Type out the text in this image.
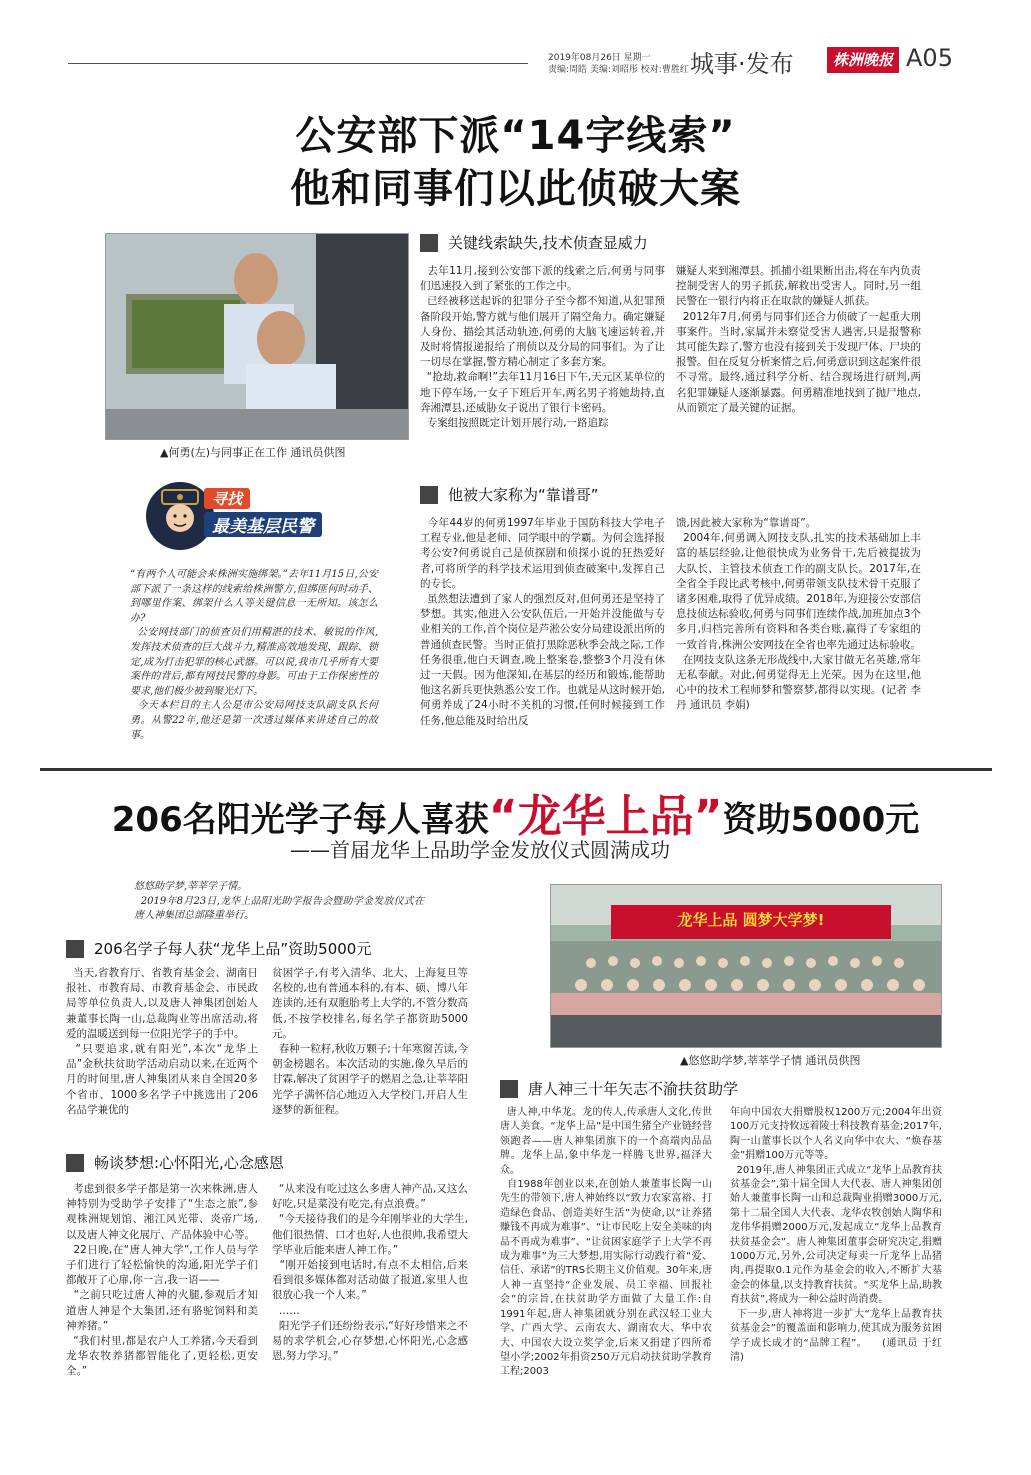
2019年08月26日 星期一
责编:周皓 美编:刘昭彤 校对:曹胜红 城事·发布	株洲晚报 A05
公安部下派“14字线索”
他和同事们以此侦破大案
▲何勇(左)与同事正在工作 通讯员供图
寻找
最美基层民警
“有两个人可能会来株洲实施绑架。”去年11月15日,公安部下派了一条这样的线索给株洲警方,但绑匪何时动手、到哪里作案、绑架什么人等关键信息一无所知。该怎么办?
公安网技部门的侦查员们用精湛的技术、敏锐的作风,发挥技术侦查的巨大战斗力,精准高效地发现、跟踪、锁定,成为打击犯罪的核心武器。可以说,我市几乎所有大要案件的背后,都有网技民警的身影。可由于工作保密性的要求,他们极少被到聚光灯下。
今天本栏目的主人公是市公安局网技支队副支队长何勇。从警22年,他还是第一次透过媒体来讲述自己的故事。
关键线索缺失,技术侦查显威力
去年11月,接到公安部下派的线索之后,何勇与同事们迅速投入到了紧张的工作之中。
已经被移送起诉的犯罪分子至今都不知道,从犯罪预备阶段开始,警方就与他们展开了隔空角力。确定嫌疑人身份、描绘其活动轨迹,何勇的大脑飞速运转着,并及时将情报递报给了刑侦以及分局的同事们。为了让一切尽在掌握,警方精心制定了多套方案。
“抢劫,救命啊!”去年11月16日下午,天元区某单位的地下停车场,一女子下班后开车,两名男子将她劫持,直奔湘潭县,还威胁女子说出了银行卡密码。
专案组按照既定计划开展行动,一路追踪
嫌疑人来到湘潭县。抓捕小组果断出击,将在车内负责控制受害人的男子抓获,解救出受害人。同时,另一组民警在一银行内将正在取款的嫌疑人抓获。
2012年7月,何勇与同事们还合力侦破了一起重大刑事案件。当时,家属并未察觉受害人遇害,只是报警称其可能失踪了,警方也没有接到关于发现尸体、尸块的报警。但在反复分析案情之后,何勇意识到这起案件很不寻常。最终,通过科学分析、结合现场进行研判,两名犯罪嫌疑人逐渐暴露。何勇精准地找到了抛尸地点,从而锁定了最关键的证据。
他被大家称为“靠谱哥”
今年44岁的何勇1997年毕业于国防科技大学电子工程专业,他是老师、同学眼中的学霸。为何会选择报考公安?何勇说自己是侦探剧和侦探小说的狂热爱好者,可将所学的科学技术运用到侦查破案中,发挥自己的专长。
虽然想法遭到了家人的强烈反对,但何勇还是坚持了梦想。其实,他进入公安队伍后,一开始并没能做与专业相关的工作,首个岗位是芦淞公安分局建设派出所的普通侦查民警。当时正值打黑除恶秋季会战之际,工作任务很重,他白天调查,晚上整案卷,整整3个月没有休过一天假。因为他深知,在基层的经历和锻炼,能帮助他这名新兵更快熟悉公安工作。也就是从这时候开始,何勇养成了24小时不关机的习惯,任何时候接到工作任务,他总能及时给出反
馈,因此被大家称为“靠谱哥”。
2004年,何勇调入网技支队,扎实的技术基础加上丰富的基层经验,让他很快成为业务骨干,先后被提拔为大队长、主管技术侦查工作的副支队长。2017年,在全省全手段比武考核中,何勇带领支队技术骨干克服了诸多困难,取得了优异成绩。2018年,为迎接公安部信息技侦达标验收,何勇与同事们连续作战,加班加点3个多月,归档完善所有资料和各类台账,赢得了专家组的一致首肯,株洲公安网技在全省也率先通过达标验收。
在网技支队这条无形战线中,大家甘做无名英雄,常年无私奉献。对此,何勇觉得无上光荣。因为在这里,他心中的技术工程师梦和警察梦,都得以实现。(记者 李丹 通讯员 李娟)
206名阳光学子每人喜获“龙华上品”资助5000元
——首届龙华上品助学金发放仪式圆满成功
悠悠助学梦,莘莘学子情。
2019年8月23日,龙华上品阳光助学报告会暨助学金发放仪式在唐人神集团总部隆重举行。	龙华上品 圆梦大学梦!
▲悠悠助学梦,莘莘学子情 通讯员供图
206名学子每人获“龙华上品”资助5000元
当天,省教育厅、省教育基金会、湖南日报社、市教育局、市教育基金会、市民政局等单位负责人,以及唐人神集团创始人兼董事长陶一山,总裁陶业等出席活动,将爱的温暖送到每一位阳光学子的手中。
“只要追求,就有阳光”,本次“龙华上品”金秋扶贫助学活动启动以来,在近两个月的时间里,唐人神集团从来自全国20多个省市、1000多名学子中挑选出了206名品学兼优的
贫困学子,有考入清华、北大、上海复旦等名校的,也有普通本科的,有本、硕、博八年连读的,还有双胞胎考上大学的,不管分数高低,不按学校排名,每名学子都资助5000元。
春种一粒籽,秋收万颗子;十年寒窗苦读,今朝金榜题名。本次活动的实施,像久旱后的甘霖,解决了贫困学子的燃眉之急,让莘莘阳光学子满怀信心地迈入大学校门,开启人生逐梦的新征程。
畅谈梦想:心怀阳光,心念感恩
考虑到很多学子都是第一次来株洲,唐人神特别为受助学子安排了“生态之旅”,参观株洲规划馆、湘江风光带、炎帝广场,以及唐人神文化展厅、产品体验中心等。
22日晚,在“唐人神大学”,工作人员与学子们进行了轻松愉快的沟通,阳光学子们都敞开了心扉,你一言,我一语——
“之前只吃过唐人神的火腿,参观后才知道唐人神是个大集团,还有骆驼饲料和美神养猪。”
“我们村里,都是农户人工养猪,今天看到龙华农牧养猪都智能化了,更轻松,更安全。”
“从来没有吃过这么多唐人神产品,又这么好吃,只是菜没有吃完,有点浪费。”
“今天接待我们的是今年刚毕业的大学生,他们很热情、口才也好,人也很帅,我希望大学毕业后能来唐人神工作。”
“刚开始接到电话时,有点不太相信,后来看到很多媒体都对活动做了报道,家里人也很放心我一个人来。”
……
阳光学子们还纷纷表示,“好好珍惜来之不易的求学机会,心存梦想,心怀阳光,心念感恩,努力学习。”
唐人神三十年矢志不渝扶贫助学
唐人神,中华龙。龙的传人,传承唐人文化,传世唐人美食。“龙华上品”是中国生猪全产业链经营领跑者——唐人神集团旗下的一个高端肉品品牌。龙华上品,象中华龙一样腾飞世界,福泽大众。
自1988年创业以来,在创始人兼董事长陶一山先生的带领下,唐人神始终以“致力农家富裕、打造绿色食品、创造美好生活”为使命,以“让养猪赚钱不再成为难事”、“让市民吃上安全美味的肉品不再成为难事”、“让贫困家庭学子上大学不再成为难事”为三大梦想,用实际行动践行着“爱、信任、承诺”的TRS长期主义价值观。30年来,唐人神一直坚持“企业发展、员工幸福、回报社会”的宗旨,在扶贫助学方面做了大量工作:自1991年起,唐人神集团就分别在武汉轻工业大学、广西大学、云南农大、湖南农大、华中农大、中国农大设立奖学金,后来又捐建了四所希望小学;2002年捐资250万元启动扶贫助学教育工程;2003
年向中国农大捐赠股权1200万元;2004年出资100万元支持攸远着陵士科技教育基金;2017年,陶一山董事长以个人名义向华中农大、“焕春基金”捐赠100万元等等。
2019年,唐人神集团正式成立“龙华上品教育扶贫基金会”,第十届全国人大代表、唐人神集团创始人兼董事长陶一山和总裁陶业捐赠3000万元,第十二届全国人大代表、龙华农牧创始人陶华和龙伟华捐赠2000万元,发起成立“龙华上品教育扶贫基金会”。唐人神集团董事会研究决定,捐赠1000万元,另外,公司决定每卖一斤龙华上品猪肉,再提取0.1元作为基金会的收入,不断扩大基金会的体量,以支持教育扶贫。“买龙华上品,助教育扶贫”,将成为一种公益时尚消费。
下一步,唐人神将进一步扩大“龙华上品教育扶贫基金会”的覆盖面和影响力,使其成为服务贫困学子成长成才的“品牌工程”。    (通讯员 于红清)
